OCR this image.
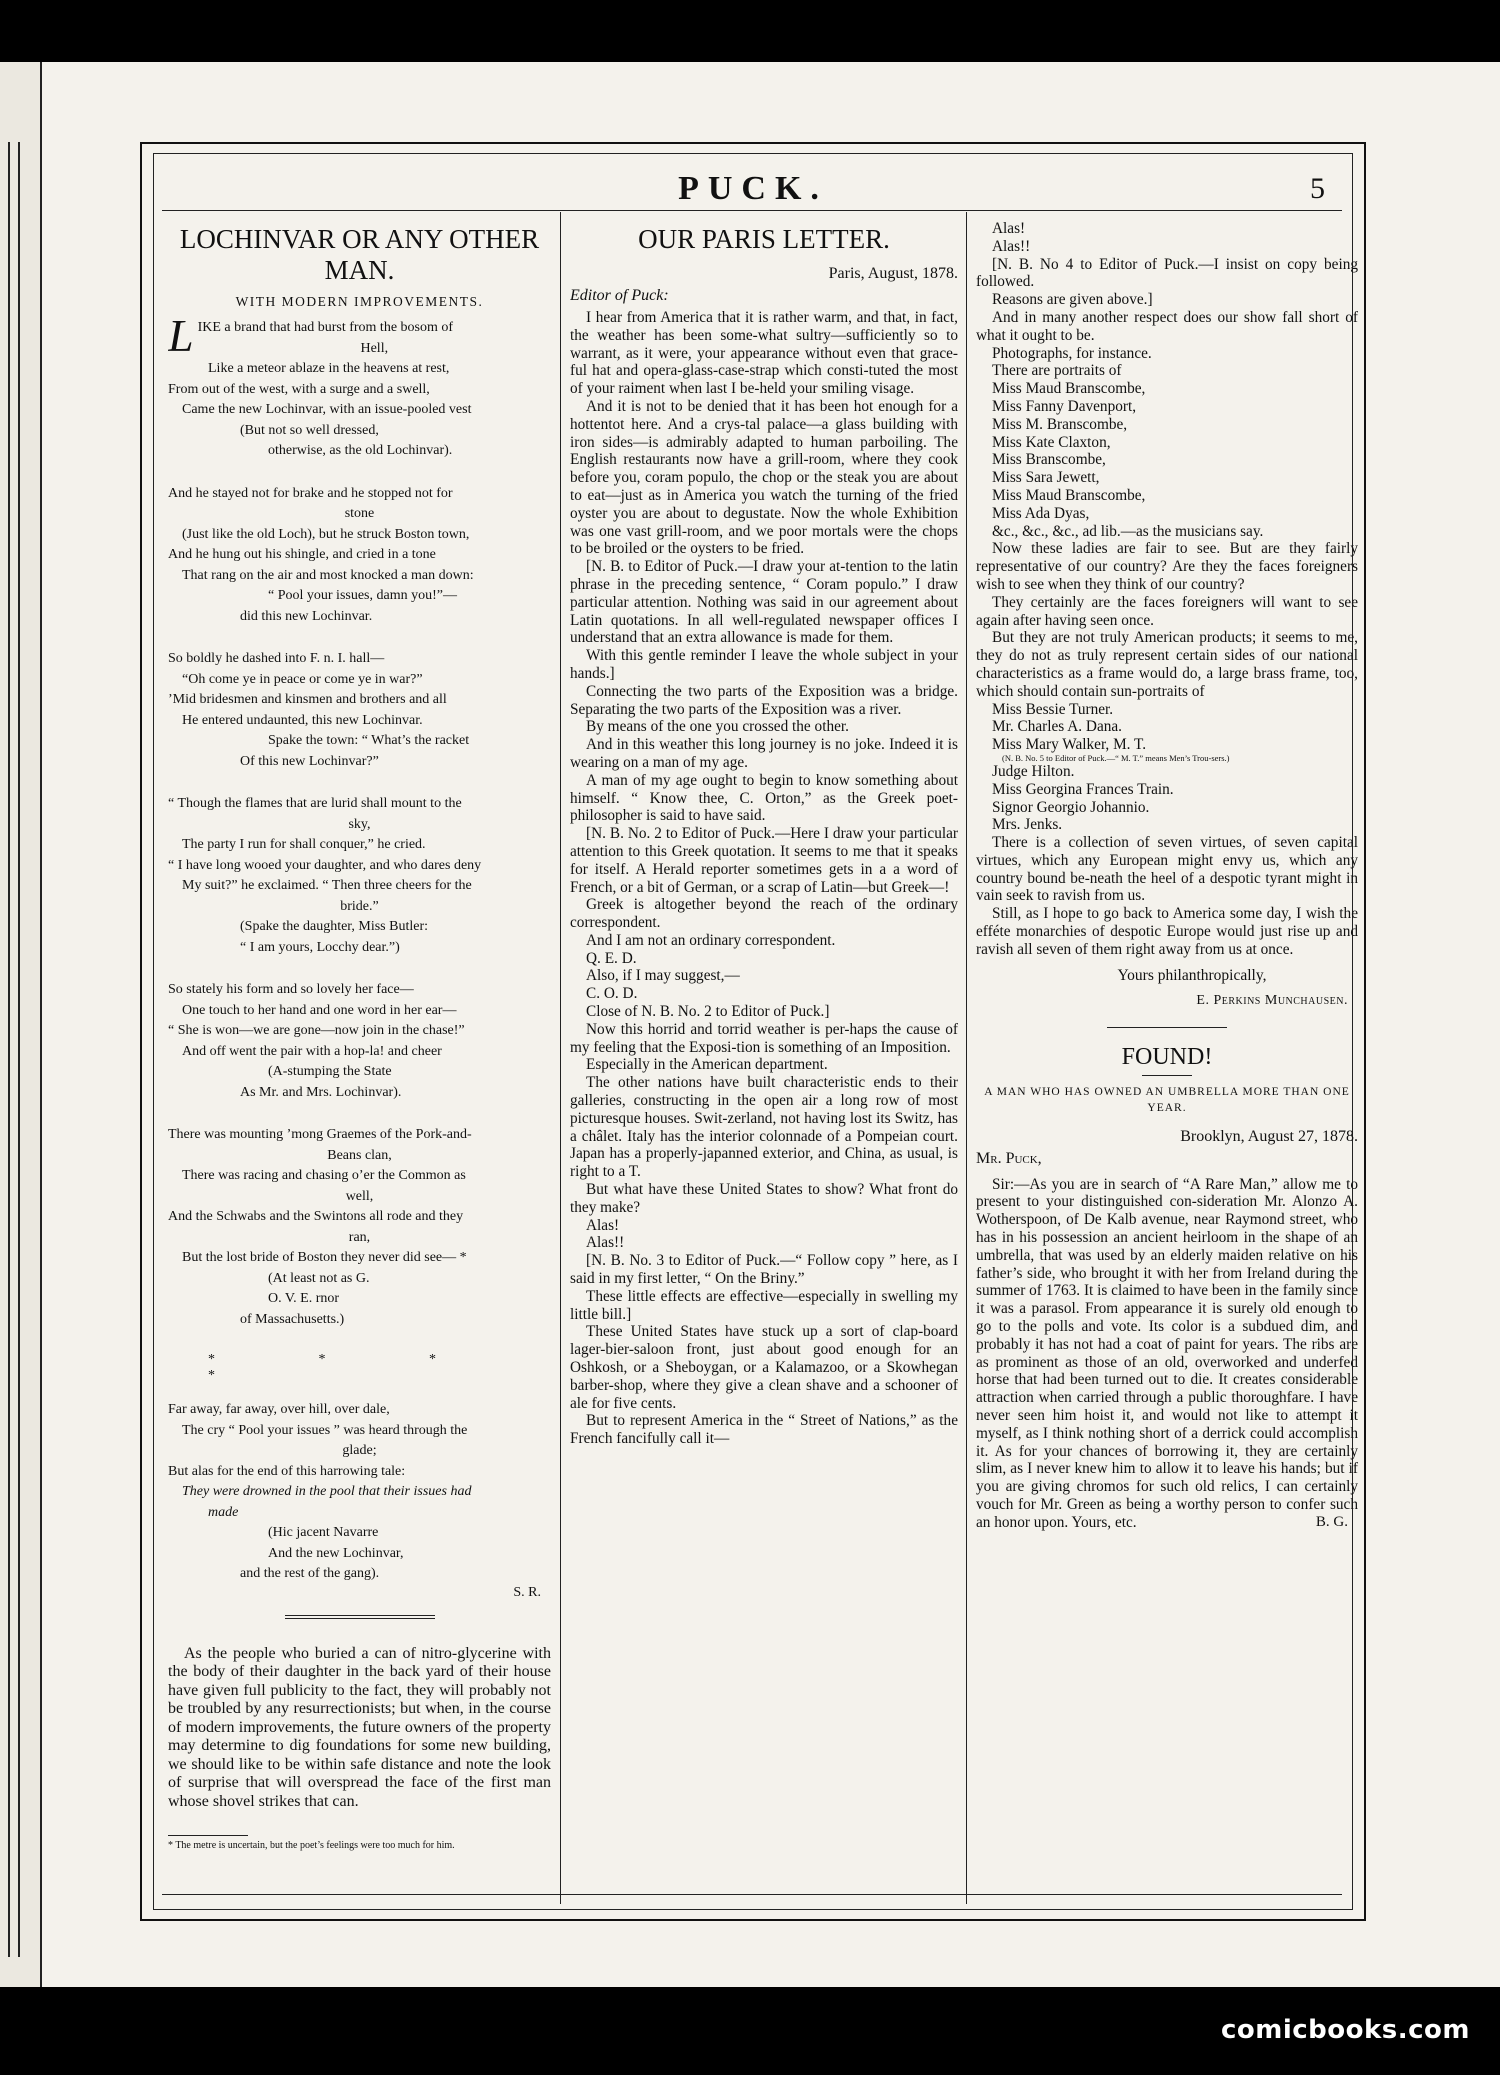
PUCK.	5
LOCHINVAR OR ANY OTHER MAN.
WITH MODERN IMPROVEMENTS.
L IKE a brand that had burst from the bosom of

Hell,

Like a meteor ablaze in the heavens at rest,

From out of the west, with a surge and a swell,

Came the new Lochinvar, with an issue-pooled vest

(But not so well dressed,

otherwise, as the old Lochinvar).

And he stayed not for brake and he stopped not for

stone

(Just like the old Loch), but he struck Boston town,

And he hung out his shingle, and cried in a tone

That rang on the air and most knocked a man down:

“ Pool your issues, damn you!”—

did this new Lochinvar.

So boldly he dashed into F. n. I. hall—

“Oh come ye in peace or come ye in war?”

’Mid bridesmen and kinsmen and brothers and all

He entered undaunted, this new Lochinvar.

Spake the town: “ What’s the racket

Of this new Lochinvar?”

“ Though the flames that are lurid shall mount to the

sky,

The party I run for shall conquer,” he cried.

“ I have long wooed your daughter, and who dares deny

My suit?” he exclaimed. “ Then three cheers for the

bride.”

(Spake the daughter, Miss Butler:

“ I am yours, Locchy dear.”)

So stately his form and so lovely her face—

One touch to her hand and one word in her ear—

“ She is won—we are gone—now join in the chase!”

And off went the pair with a hop-la! and cheer

(A-stumping the State

As Mr. and Mrs. Lochinvar).

There was mounting ’mong Graemes of the Pork-and-

Beans clan,

There was racing and chasing o’er the Common as

well,

And the Schwabs and the Swintons all rode and they

ran,

But the lost bride of Boston they never did see— *

(At least not as G.

O. V. E. rnor

of Massachusetts.)

* * * *

Far away, far away, over hill, over dale,

The cry “ Pool your issues ” was heard through the

glade;

But alas for the end of this harrowing tale:

They were drowned in the pool that their issues had

made

(Hic jacent Navarre

And the new Lochinvar,

and the rest of the gang).

S. R.

As the people who buried a can of nitro-glycerine with the body of their daughter in the back yard of their house have given full publicity to the fact, they will probably not be troubled by any resurrectionists; but when, in the course of modern improvements, the future owners of the property may determine to dig foundations for some new building, we should like to be within safe distance and note the look of surprise that will overspread the face of the first man whose shovel strikes that can.

* The metre is uncertain, but the poet’s feelings were too much for him.

OUR PARIS LETTER.
Paris, August, 1878.
Editor of Puck:

I hear from America that it is rather warm, and that, in fact, the weather has been some-what sultry—sufficiently so to warrant, as it were, your appearance without even that grace-ful hat and opera-glass-case-strap which consti-tuted the most of your raiment when last I be-held your smiling visage.

And it is not to be denied that it has been hot enough for a hottentot here. And a crys-tal palace—a glass building with iron sides—is admirably adapted to human parboiling. The English restaurants now have a grill-room, where they cook before you, coram populo, the chop or the steak you are about to eat—just as in America you watch the turning of the fried oyster you are about to degustate. Now the whole Exhibition was one vast grill-room, and we poor mortals were the chops to be broiled or the oysters to be fried.

[N. B. to Editor of Puck.—I draw your at-tention to the latin phrase in the preceding sentence, “ Coram populo.” I draw particular attention. Nothing was said in our agreement about Latin quotations. In all well-regulated newspaper offices I understand that an extra allowance is made for them.

With this gentle reminder I leave the whole subject in your hands.]

Connecting the two parts of the Exposition was a bridge. Separating the two parts of the Exposition was a river.

By means of the one you crossed the other.

And in this weather this long journey is no joke. Indeed it is wearing on a man of my age.

A man of my age ought to begin to know something about himself. “ Know thee, C. Orton,” as the Greek poet-philosopher is said to have said.

[N. B. No. 2 to Editor of Puck.—Here I draw your particular attention to this Greek quotation. It seems to me that it speaks for itself. A Herald reporter sometimes gets in a a word of French, or a bit of German, or a scrap of Latin—but Greek—!

Greek is altogether beyond the reach of the ordinary correspondent.

And I am not an ordinary correspondent.

Q. E. D.

Also, if I may suggest,—

C. O. D.

Close of N. B. No. 2 to Editor of Puck.]

Now this horrid and torrid weather is per-haps the cause of my feeling that the Exposi-tion is something of an Imposition.

Especially in the American department.

The other nations have built characteristic ends to their galleries, constructing in the open air a long row of most picturesque houses. Swit-zerland, not having lost its Switz, has a châlet. Italy has the interior colonnade of a Pompeian court. Japan has a properly-japanned exterior, and China, as usual, is right to a T.

But what have these United States to show? What front do they make?

Alas!

Alas!!

[N. B. No. 3 to Editor of Puck.—“ Follow copy ” here, as I said in my first letter, “ On the Briny.”

These little effects are effective—especially in swelling my little bill.]

These United States have stuck up a sort of clap-board lager-bier-saloon front, just about good enough for an Oshkosh, or a Sheboygan, or a Kalamazoo, or a Skowhegan barber-shop, where they give a clean shave and a schooner of ale for five cents.

But to represent America in the “ Street of Nations,” as the French fancifully call it—

Alas!

Alas!!

[N. B. No 4 to Editor of Puck.—I insist on copy being followed.

Reasons are given above.]

And in many another respect does our show fall short of what it ought to be.

Photographs, for instance.

There are portraits of

Miss Maud Branscombe,

Miss Fanny Davenport,

Miss M. Branscombe,

Miss Kate Claxton,

Miss Branscombe,

Miss Sara Jewett,

Miss Maud Branscombe,

Miss Ada Dyas,

&c., &c., &c., ad lib.—as the musicians say.

Now these ladies are fair to see. But are they fairly representative of our country? Are they the faces foreigners wish to see when they think of our country?

They certainly are the faces foreigners will want to see again after having seen once.

But they are not truly American products; it seems to me, they do not as truly represent certain sides of our national characteristics as a frame would do, a large brass frame, too, which should contain sun-portraits of

Miss Bessie Turner.

Mr. Charles A. Dana.

Miss Mary Walker, M. T.

(N. B. No. 5 to Editor of Puck.—“ M. T.” means Men’s Trou-sers.)

Judge Hilton.

Miss Georgina Frances Train.

Signor Georgio Johannio.

Mrs. Jenks.

There is a collection of seven virtues, of seven capital virtues, which any European might envy us, which any country bound be-neath the heel of a despotic tyrant might in vain seek to ravish from us.

Still, as I hope to go back to America some day, I wish the efféte monarchies of despotic Europe would just rise up and ravish all seven of them right away from us at once.

Yours philanthropically,
E. Perkins Munchausen.
FOUND!
A MAN WHO HAS OWNED AN UMBRELLA MORE THAN ONE YEAR.
Brooklyn, August 27, 1878.
Mr. Puck,

Sir:—As you are in search of “A Rare Man,” allow me to present to your distinguished con-sideration Mr. Alonzo A. Wotherspoon, of De Kalb avenue, near Raymond street, who has in his possession an ancient heirloom in the shape of an umbrella, that was used by an elderly maiden relative on his father’s side, who brought it with her from Ireland during the summer of 1763. It is claimed to have been in the family since it was a parasol. From appearance it is surely old enough to go to the polls and vote. Its color is a subdued dim, and probably it has not had a coat of paint for years. The ribs are as prominent as those of an old, overworked and underfed horse that had been turned out to die. It creates considerable attraction when carried through a public thoroughfare. I have never seen him hoist it, and would not like to attempt it myself, as I think nothing short of a derrick could accomplish it. As for your chances of borrowing it, they are certainly slim, as I never knew him to allow it to leave his hands; but if you are giving chromos for such old relics, I can certainly vouch for Mr. Green as being a worthy person to confer such an honor upon. Yours, etc.	B. G.
comicbooks.com
